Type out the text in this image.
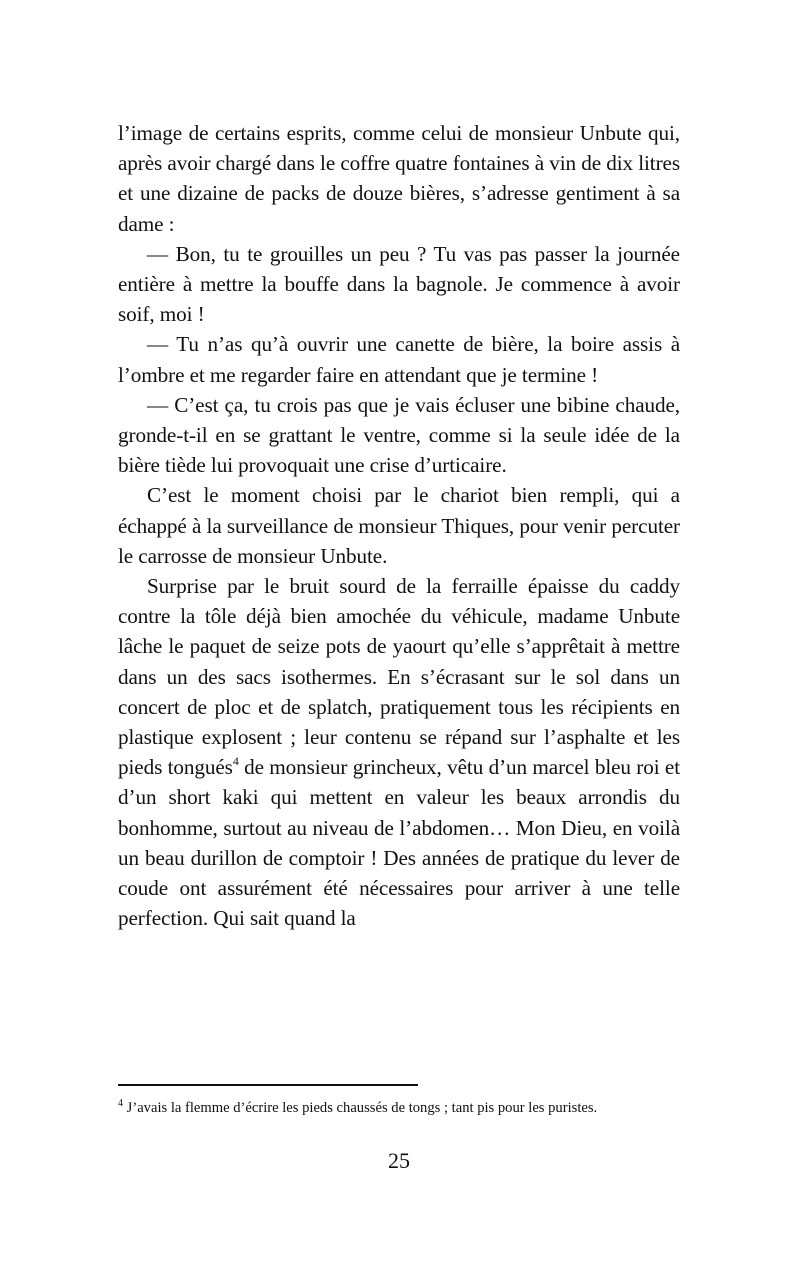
l’image de certains esprits, comme celui de monsieur Unbute qui, après avoir chargé dans le coffre quatre fontaines à vin de dix litres et une dizaine de packs de douze bières, s’adresse gentiment à sa dame :

— Bon, tu te grouilles un peu ? Tu vas pas passer la journée entière à mettre la bouffe dans la bagnole. Je commence à avoir soif, moi !

— Tu n’as qu’à ouvrir une canette de bière, la boire assis à l’ombre et me regarder faire en attendant que je termine !

— C’est ça, tu crois pas que je vais écluser une bibine chaude, gronde-t-il en se grattant le ventre, comme si la seule idée de la bière tiède lui provoquait une crise d’urticaire.

C’est le moment choisi par le chariot bien rempli, qui a échappé à la surveillance de monsieur Thiques, pour venir percuter le carrosse de monsieur Unbute.

Surprise par le bruit sourd de la ferraille épaisse du caddy contre la tôle déjà bien amochée du véhicule, madame Unbute lâche le paquet de seize pots de yaourt qu’elle s’apprêtait à mettre dans un des sacs isothermes. En s’écrasant sur le sol dans un concert de ploc et de splatch, pratiquement tous les récipients en plastique explosent ; leur contenu se répand sur l’asphalte et les pieds tongués$^4$ de monsieur grincheux, vêtu d’un marcel bleu roi et d’un short kaki qui mettent en valeur les beaux arrondis du bonhomme, surtout au niveau de l’abdomen… Mon Dieu, en voilà un beau durillon de comptoir ! Des années de pratique du lever de coude ont assurément été nécessaires pour arriver à une telle perfection. Qui sait quand la

$^4$ J’avais la flemme d’écrire les pieds chaussés de tongs ; tant pis pour les puristes.
25
